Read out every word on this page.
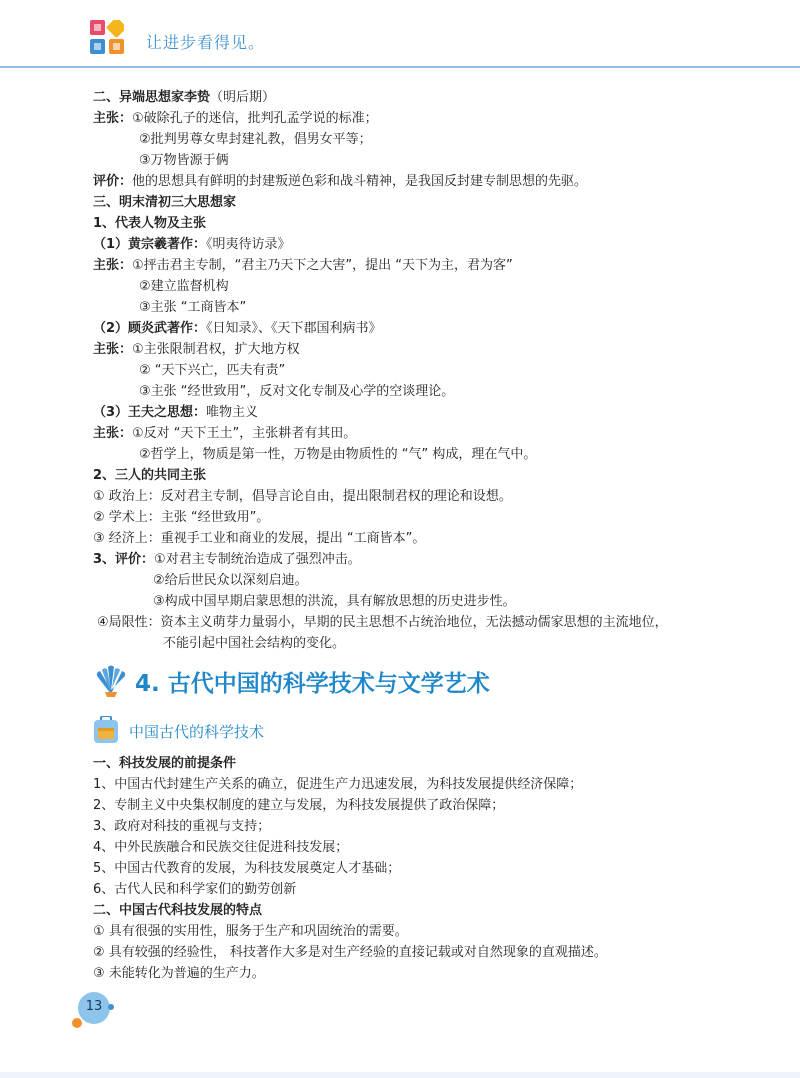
让进步看得见。
二、异端思想家李贽（明后期）
主张：①破除孔子的迷信，批判孔孟学说的标准；
②批判男尊女卑封建礼教，倡男女平等；
③万物皆源于俩
评价：他的思想具有鲜明的封建叛逆色彩和战斗精神，是我国反封建专制思想的先驱。
三、明末清初三大思想家
1、代表人物及主张
（1）黄宗羲著作：《明夷待访录》
主张：①抨击君主专制，“君主乃天下之大害”，提出 “天下为主，君为客”
②建立监督机构
③主张 “工商皆本”
（2）顾炎武著作：《日知录》、《天下郡国利病书》
主张：①主张限制君权，扩大地方权
② “天下兴亡，匹夫有责”
③主张 “经世致用”，反对文化专制及心学的空谈理论。
（3）王夫之思想：唯物主义
主张：①反对 “天下王土”，主张耕者有其田。
②哲学上，物质是第一性，万物是由物质性的 “气” 构成，理在气中。
2、三人的共同主张
① 政治上：反对君主专制，倡导言论自由，提出限制君权的理论和设想。
② 学术上：主张 “经世致用”。
③ 经济上：重视手工业和商业的发展，提出 “工商皆本”。
3、评价：①对君主专制统治造成了强烈冲击。
②给后世民众以深刻启迪。
③构成中国早期启蒙思想的洪流，具有解放思想的历史进步性。
④局限性：资本主义萌芽力量弱小，早期的民主思想不占统治地位，无法撼动儒家思想的主流地位，
不能引起中国社会结构的变化。
4. 古代中国的科学技术与文学艺术
中国古代的科学技术
一、科技发展的前提条件
1、中国古代封建生产关系的确立，促进生产力迅速发展，为科技发展提供经济保障；
2、专制主义中央集权制度的建立与发展，为科技发展提供了政治保障；
3、政府对科技的重视与支持；
4、中外民族融合和民族交往促进科技发展；
5、中国古代教育的发展，为科技发展奠定人才基础；
6、古代人民和科学家们的勤劳创新
二、中国古代科技发展的特点
① 具有很强的实用性，服务于生产和巩固统治的需要。
② 具有较强的经验性， 科技著作大多是对生产经验的直接记载或对自然现象的直观描述。
③ 未能转化为普遍的生产力。
13
